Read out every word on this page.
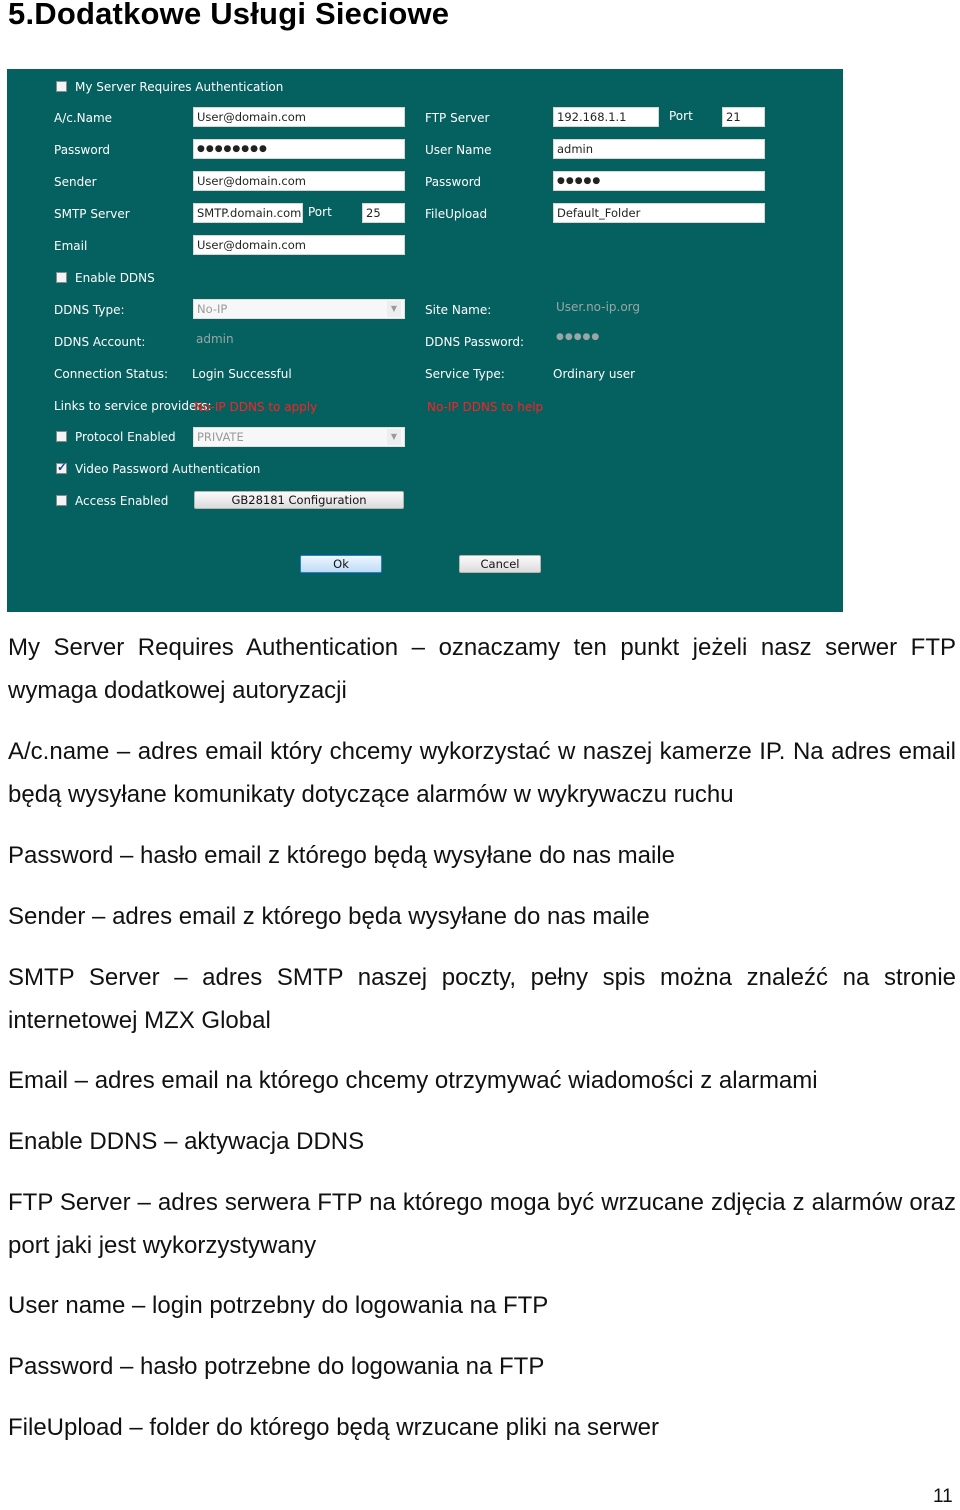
5.Dodatkowe Usługi Sieciowe
My Server Requires Authentication
A/c.Name	User@domain.com
Password	●●●●●●●●
Sender	User@domain.com
SMTP Server	SMTP.domain.com Port	25
Email	User@domain.com
FTP Server	192.168.1.1	Port	21
User Name	admin
Password	●●●●●
FileUpload	Default_Folder
Enable DDNS
DDNS Type:	No-IP	▼	Site Name:	User.no-ip.org
DDNS Account:	admin	DDNS Password:	●●●●●
Connection Status: Login Successful	Service Type:	Ordinary user
Links to service providers:
No-IP DDNS to apply	No-IP DDNS to help
Protocol Enabled	PRIVATE	▼
✓
Video Password Authentication
Access Enabled	GB28181 Configuration
Ok	Cancel
My Server Requires Authentication – oznaczamy ten punkt jeżeli nasz serwer FTP wymaga dodatkowej autoryzacji
A/c.name – adres email który chcemy wykorzystać w naszej kamerze IP. Na adres email będą wysyłane komunikaty dotyczące alarmów w wykrywaczu ruchu
Password – hasło email z którego będą wysyłane do nas maile
Sender – adres email z którego będa wysyłane do nas maile
SMTP Server – adres SMTP naszej poczty, pełny spis można znaleźć na stronie internetowej MZX Global
Email – adres email na którego chcemy otrzymywać wiadomości z alarmami
Enable DDNS – aktywacja DDNS
FTP Server – adres serwera FTP na którego moga być wrzucane zdjęcia z alarmów oraz port jaki jest wykorzystywany
User name – login potrzebny do logowania na FTP
Password – hasło potrzebne do logowania na FTP
FileUpload – folder do którego będą wrzucane pliki na serwer
11
